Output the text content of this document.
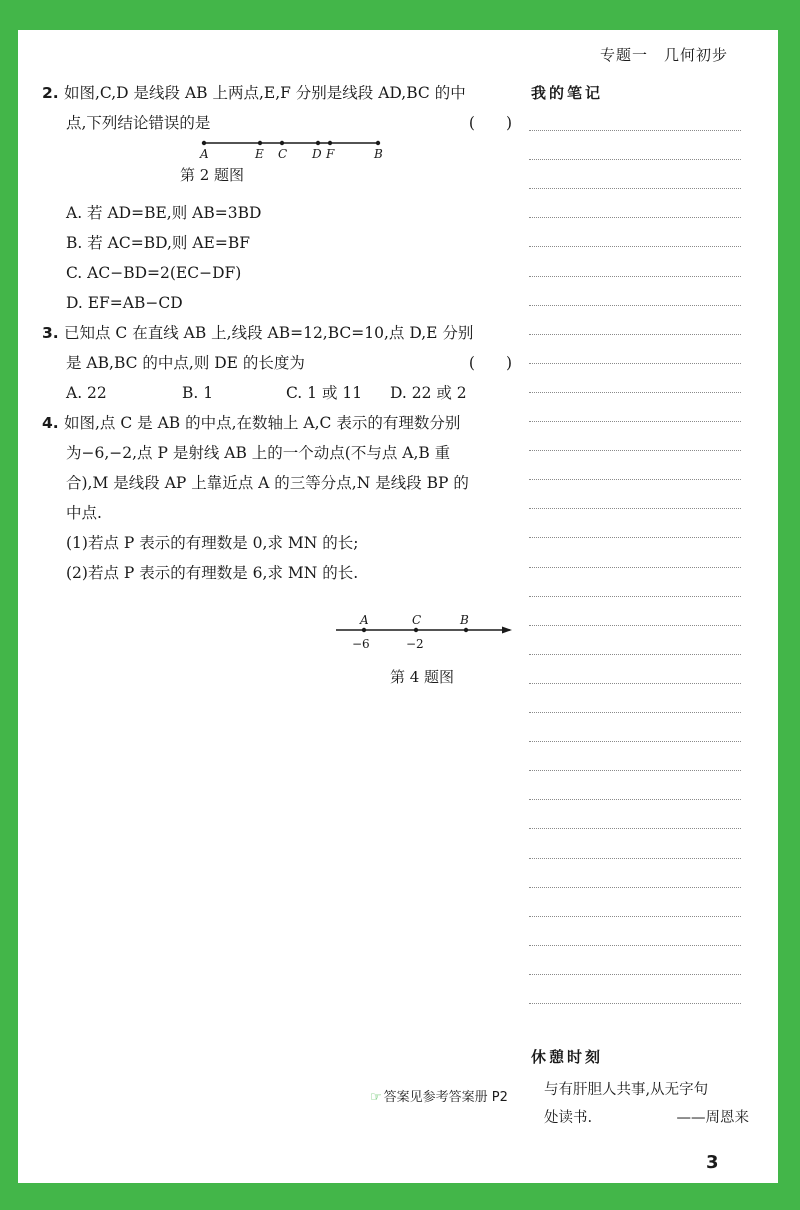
专题一　几何初步

2. 如图,C,D 是线段 AB 上两点,E,F 分别是线段 AD,BC 的中

点,下列结论错误的是	(　　)

A	E C D F	B
第 2 题图

A. 若 AD=BE,则 AB=3BD

B. 若 AC=BD,则 AE=BF

C. AC−BD=2(EC−DF)

D. EF=AB−CD

3. 已知点 C 在直线 AB 上,线段 AB=12,BC=10,点 D,E 分别

是 AB,BC 的中点,则 DE 的长度为	(　　)

A. 22	B. 1	C. 1 或 11	D. 22 或 2

4. 如图,点 C 是 AB 的中点,在数轴上 A,C 表示的有理数分别

为−6,−2,点 P 是射线 AB 上的一个动点(不与点 A,B 重

合),M 是线段 AP 上靠近点 A 的三等分点,N 是线段 BP 的

中点.

(1)若点 P 表示的有理数是 0,求 MN 的长;

(2)若点 P 表示的有理数是 6,求 MN 的长.

A	C	B
−6	−2
第 4 题图
我的笔记
休憩时刻
与有肝胆人共事,从无字句
处读书.	——周恩来
☞ 答案见参考答案册 P2
3
